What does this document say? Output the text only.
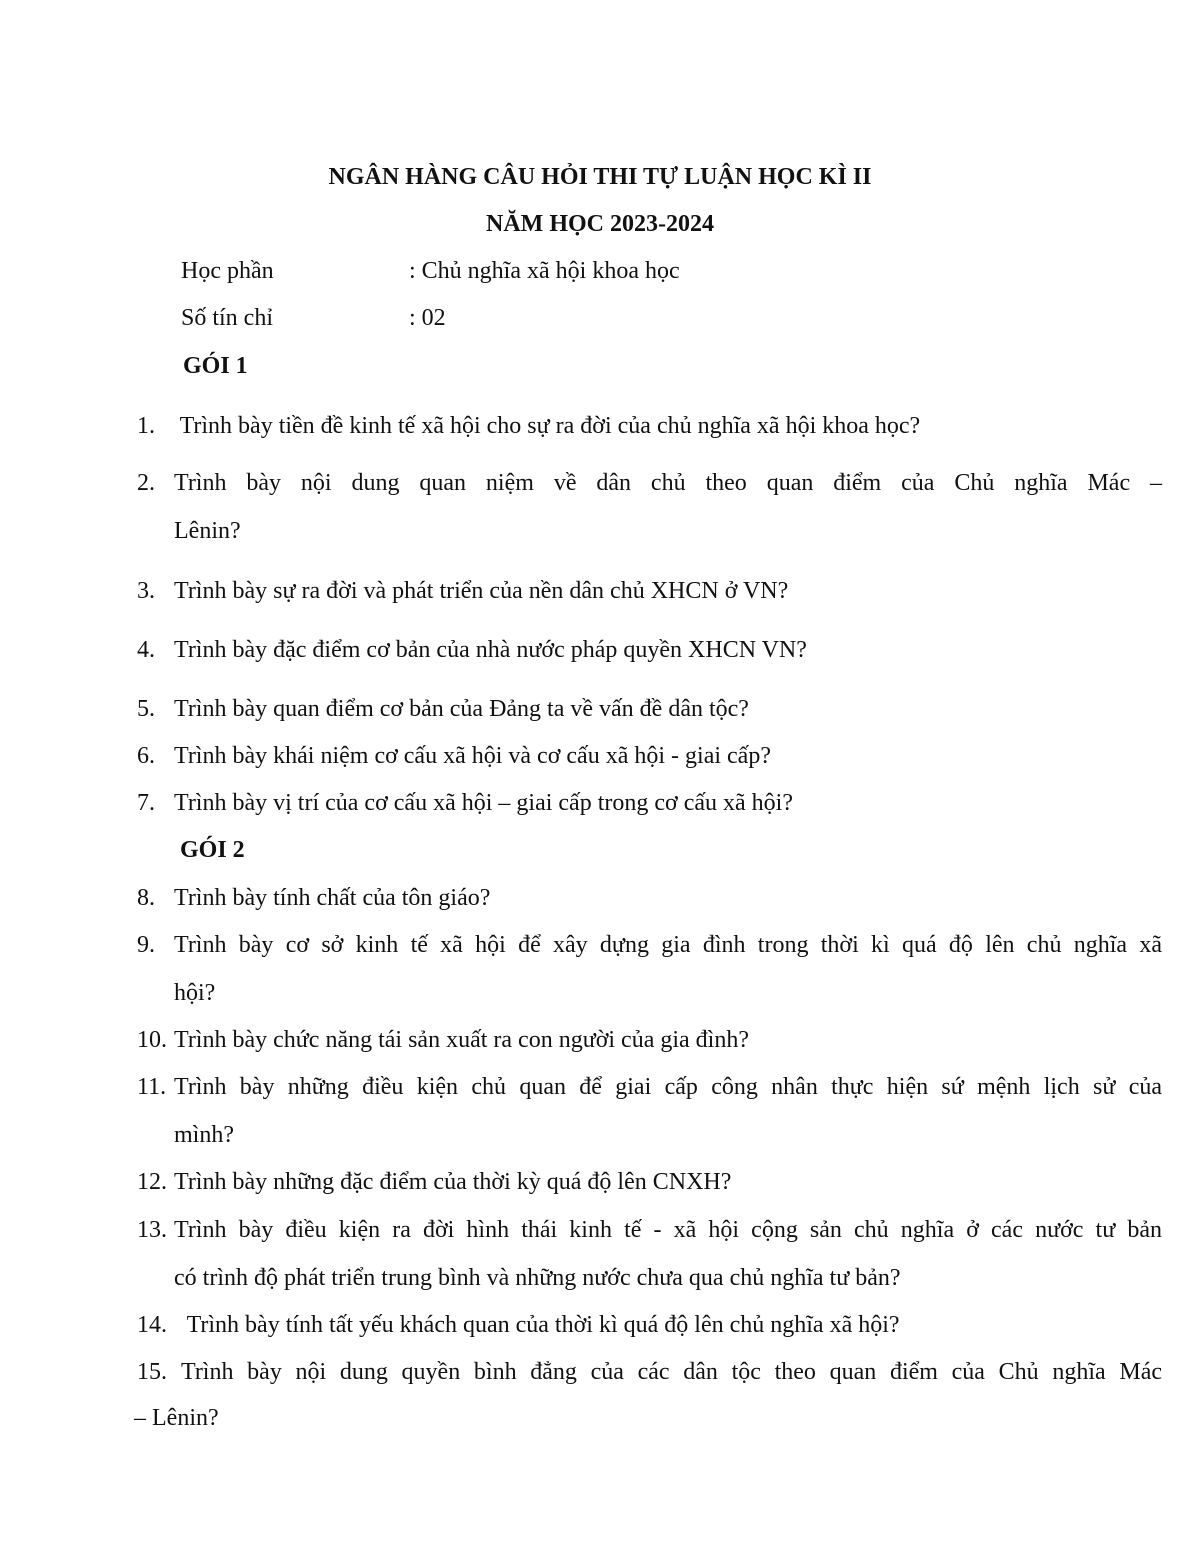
NGÂN HÀNG CÂU HỎI THI TỰ LUẬN HỌC KÌ II
NĂM HỌC 2023-2024
Học phần	: Chủ nghĩa xã hội khoa học
Số tín chỉ	: 02
GÓI 1
1. Trình bày tiền đề kinh tế xã hội cho sự ra đời của chủ nghĩa xã hội khoa học?
2. Trình bày nội dung quan niệm về dân chủ theo quan điểm của Chủ nghĩa Mác –
Lênin?
3. Trình bày sự ra đời và phát triển của nền dân chủ XHCN ở VN?
4. Trình bày đặc điểm cơ bản của nhà nước pháp quyền XHCN VN?
5. Trình bày quan điểm cơ bản của Đảng ta về vấn đề dân tộc?
6. Trình bày khái niệm cơ cấu xã hội và cơ cấu xã hội - giai cấp?
7. Trình bày vị trí của cơ cấu xã hội – giai cấp trong cơ cấu xã hội?
GÓI 2
8. Trình bày tính chất của tôn giáo?
9. Trình bày cơ sở kinh tế xã hội để xây dựng gia đình trong thời kì quá độ lên chủ nghĩa xã
hội?
10. Trình bày chức năng tái sản xuất ra con người của gia đình?
11. Trình bày những điều kiện chủ quan để giai cấp công nhân thực hiện sứ mệnh lịch sử của
mình?
12. Trình bày những đặc điểm của thời kỳ quá độ lên CNXH?
13. Trình bày điều kiện ra đời hình thái kinh tế - xã hội cộng sản chủ nghĩa ở các nước tư bản
có trình độ phát triển trung bình và những nước chưa qua chủ nghĩa tư bản?
14. Trình bày tính tất yếu khách quan của thời kì quá độ lên chủ nghĩa xã hội?
15. Trình bày nội dung quyền bình đẳng của các dân tộc theo quan điểm của Chủ nghĩa Mác
– Lênin?
